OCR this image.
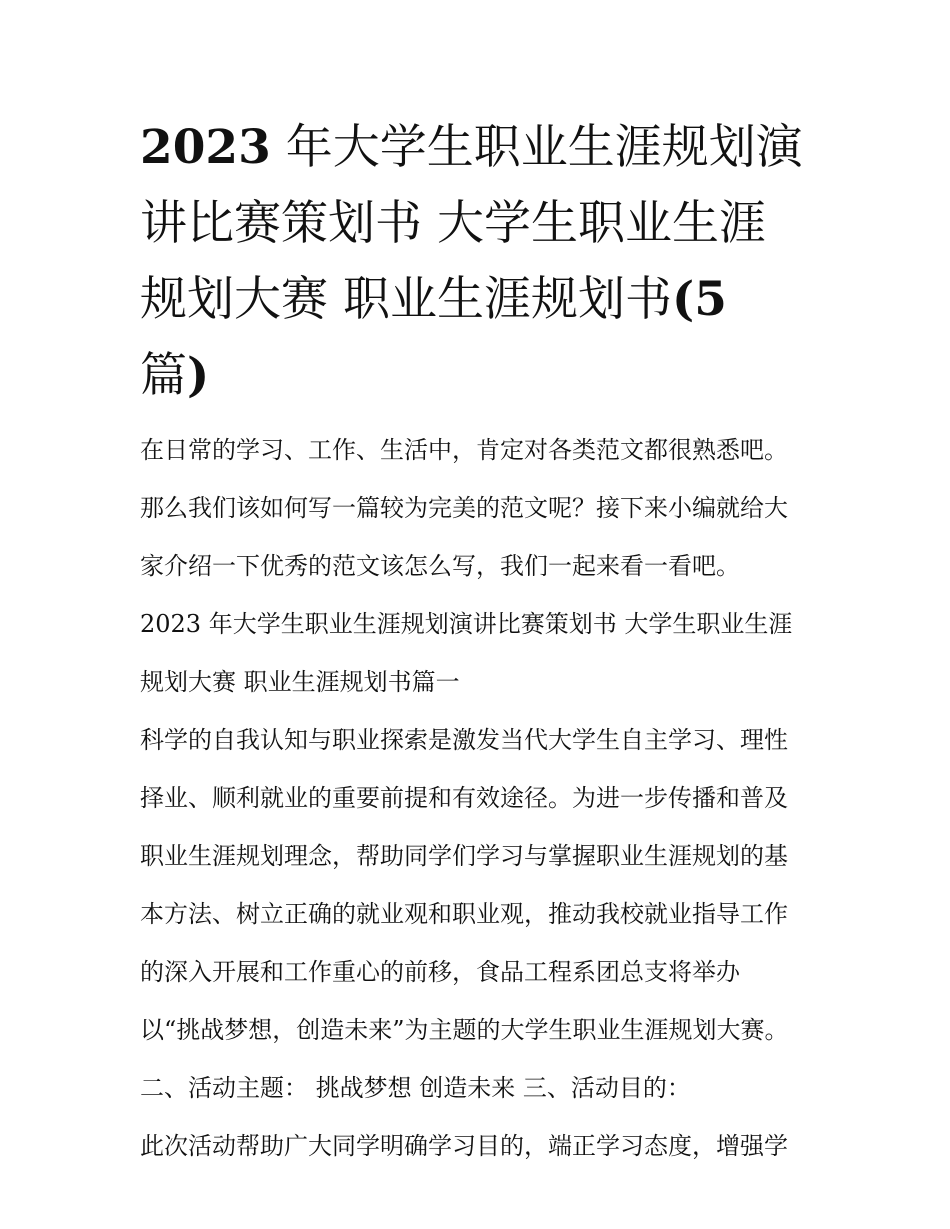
2023 年大学生职业生涯规划演
讲比赛策划书 大学生职业生涯
规划大赛 职业生涯规划书(5
篇)
在日常的学习、工作、生活中，肯定对各类范文都很熟悉吧。
那么我们该如何写一篇较为完美的范文呢？接下来小编就给大
家介绍一下优秀的范文该怎么写，我们一起来看一看吧。
2023 年大学生职业生涯规划演讲比赛策划书 大学生职业生涯
规划大赛 职业生涯规划书篇一
科学的自我认知与职业探索是激发当代大学生自主学习、理性
择业、顺利就业的重要前提和有效途径。为进一步传播和普及
职业生涯规划理念，帮助同学们学习与掌握职业生涯规划的基
本方法、树立正确的就业观和职业观，推动我校就业指导工作
的深入开展和工作重心的前移，食品工程系团总支将举办
以“挑战梦想，创造未来”为主题的大学生职业生涯规划大赛。
二、活动主题： 挑战梦想 创造未来 三、活动目的：
此次活动帮助广大同学明确学习目的，端正学习态度，增强学
